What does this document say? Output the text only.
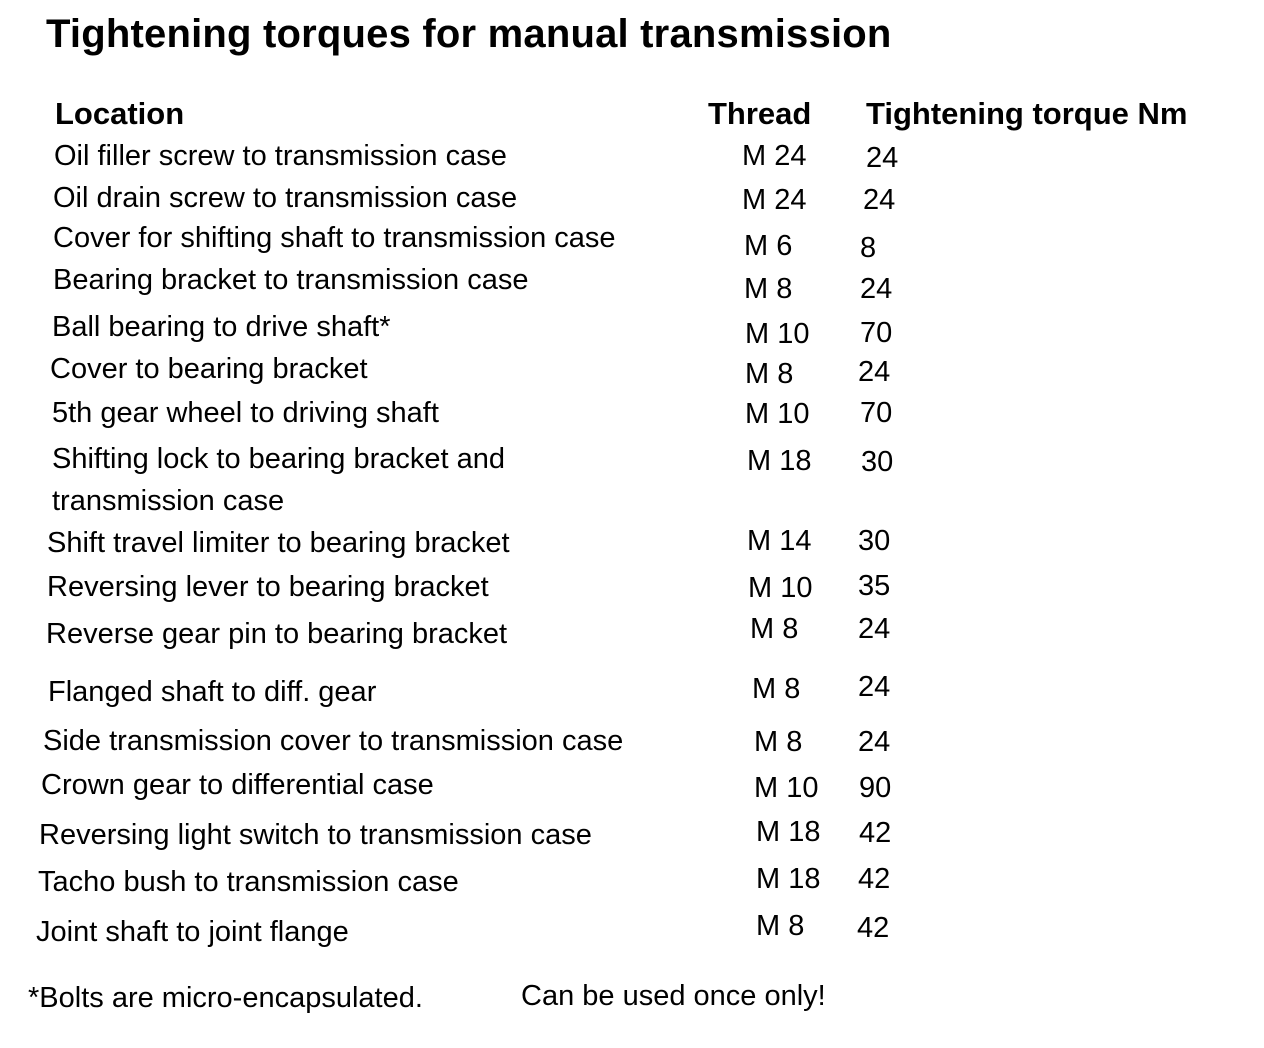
Tightening torques for manual transmission
Location	Thread Tightening torque Nm
Oil filler screw to transmission case	M 24 24
Oil drain screw to transmission case	M 24 24
Cover for shifting shaft to transmission case	M 6 8
Bearing bracket to transmission case	M 8 24
Ball bearing to drive shaft*	M 10 70
Cover to bearing bracket	M 8 24
5th gear wheel to driving shaft	M 10 70
Shifting lock to bearing bracket and
transmission case
M 18 30
Shift travel limiter to bearing bracket	M 14 30
Reversing lever to bearing bracket	M 10 35
Reverse gear pin to bearing bracket	M 8 24
Flanged shaft to diff. gear	M 8 24
Side transmission cover to transmission case	M 8 24
Crown gear to differential case	M 10 90
Reversing light switch to transmission case	M 18 42
Tacho bush to transmission case	M 18 42
Joint shaft to joint flange	M 8 42
*Bolts are micro-encapsulated.	Can be used once only!
